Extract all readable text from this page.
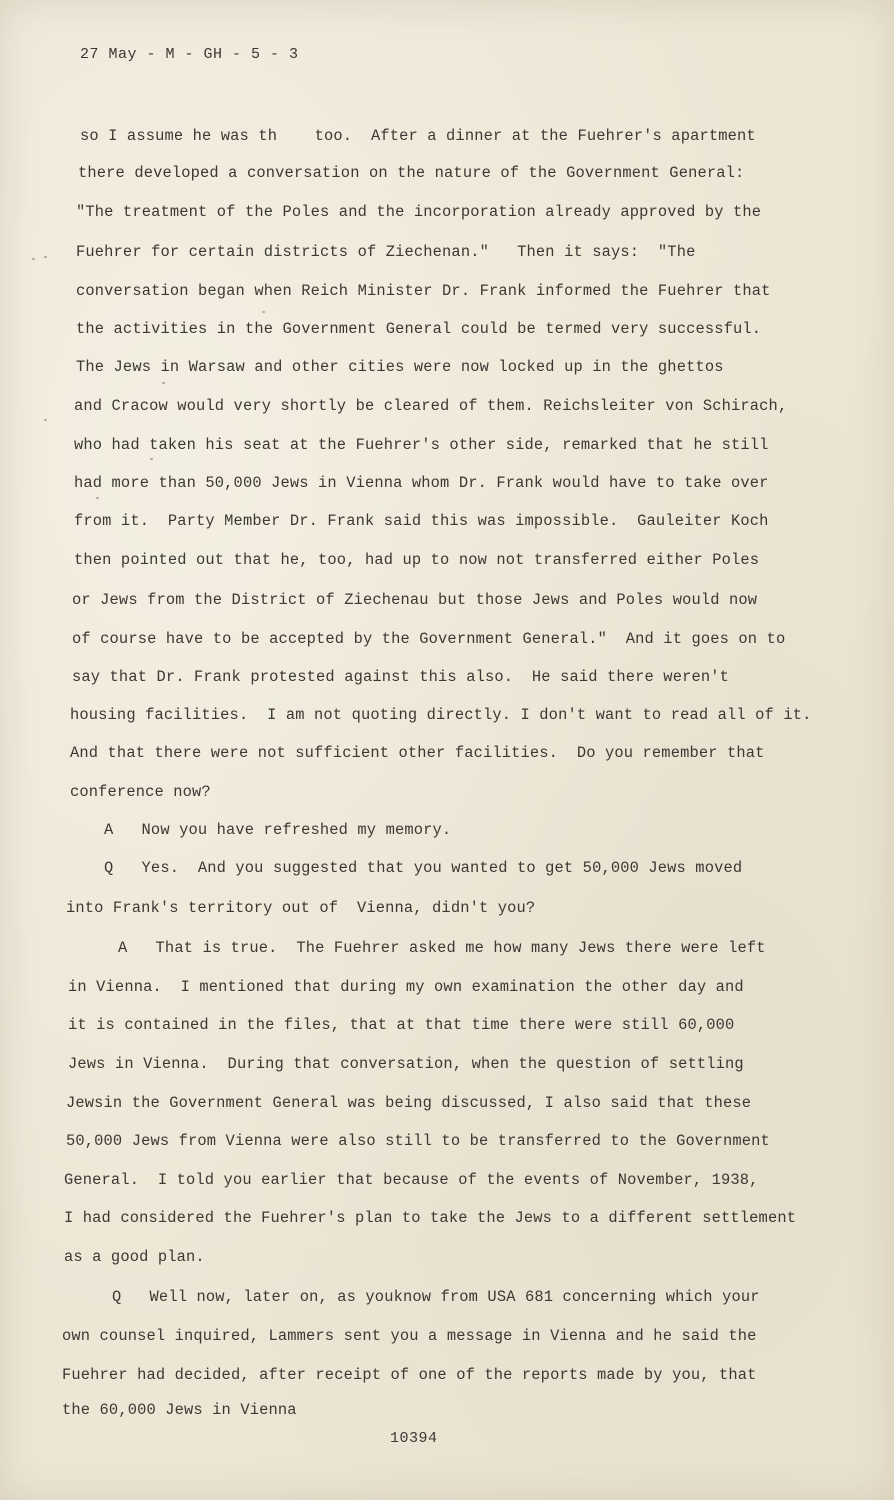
27 May - M - GH - 5 - 3
so I assume he was th    too.  After a dinner at the Fuehrer's apartment
there developed a conversation on the nature of the Government General:
"The treatment of the Poles and the incorporation already approved by the
Fuehrer for certain districts of Ziechenan."   Then it says:  "The
conversation began when Reich Minister Dr. Frank informed the Fuehrer that
the activities in the Government General could be termed very successful.
The Jews in Warsaw and other cities were now locked up in the ghettos
and Cracow would very shortly be cleared of them. Reichsleiter von Schirach,
who had taken his seat at the Fuehrer's other side, remarked that he still
had more than 50,000 Jews in Vienna whom Dr. Frank would have to take over
from it.  Party Member Dr. Frank said this was impossible.  Gauleiter Koch
then pointed out that he, too, had up to now not transferred either Poles
or Jews from the District of Ziechenau but those Jews and Poles would now
of course have to be accepted by the Government General."  And it goes on to
say that Dr. Frank protested against this also.  He said there weren't
housing facilities.  I am not quoting directly. I don't want to read all of it.
And that there were not sufficient other facilities.  Do you remember that
conference now?
A   Now you have refreshed my memory.
Q   Yes.  And you suggested that you wanted to get 50,000 Jews moved
into Frank's territory out of  Vienna, didn't you?
A   That is true.  The Fuehrer asked me how many Jews there were left
in Vienna.  I mentioned that during my own examination the other day and
it is contained in the files, that at that time there were still 60,000
Jews in Vienna.  During that conversation, when the question of settling
Jewsin the Government General was being discussed, I also said that these
50,000 Jews from Vienna were also still to be transferred to the Government
General.  I told you earlier that because of the events of November, 1938,
I had considered the Fuehrer's plan to take the Jews to a different settlement
as a good plan.
Q   Well now, later on, as youknow from USA 681 concerning which your
own counsel inquired, Lammers sent you a message in Vienna and he said the
Fuehrer had decided, after receipt of one of the reports made by you, that
the 60,000 Jews in Vienna
10394
